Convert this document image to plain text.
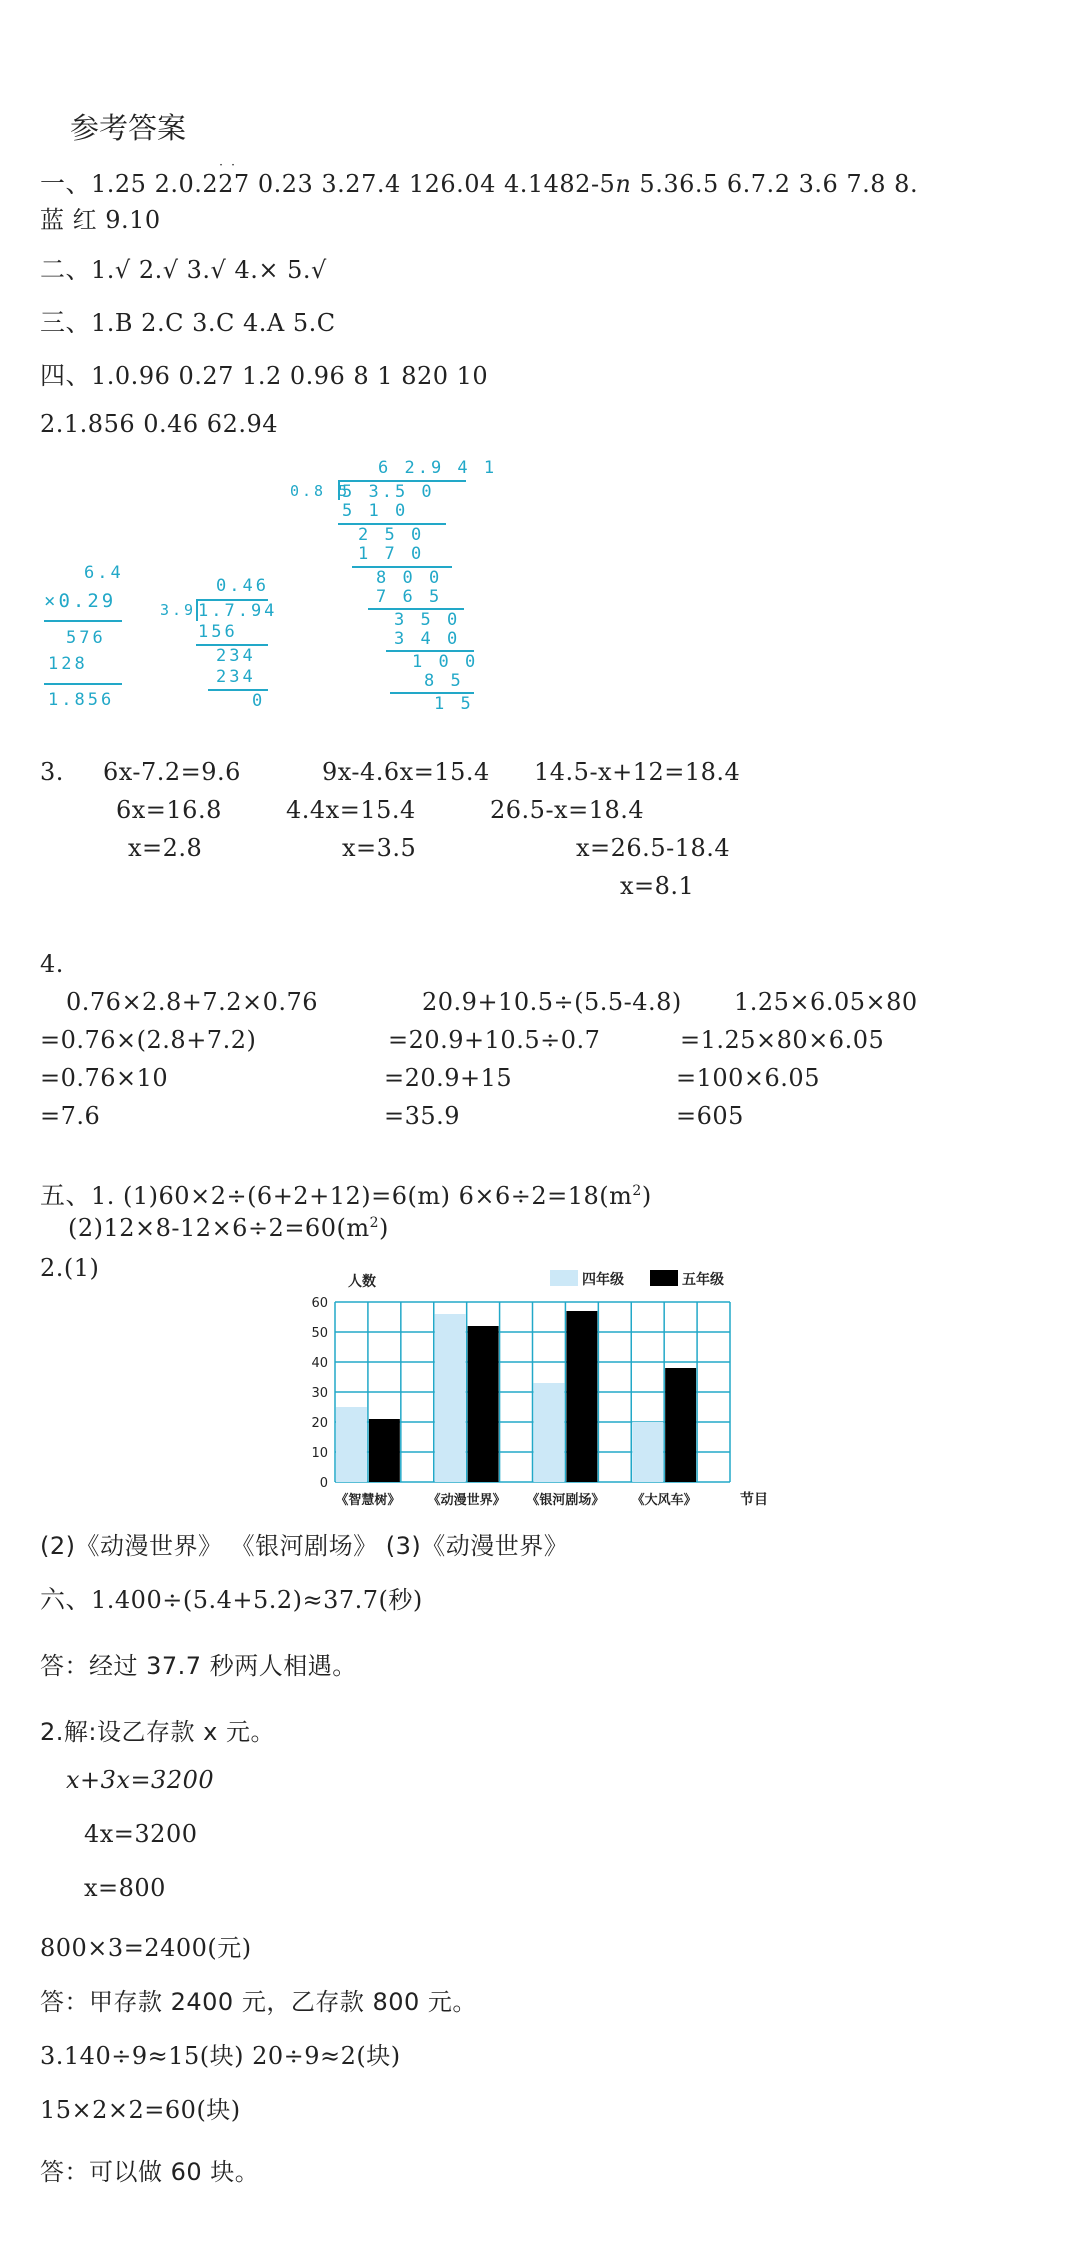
参考答案
一、1.25 2.0.2
· ·
27 0.23 3.27.4 126.04 4.1482-5n 5.36.5 6.7.2 3.6 7.8 8.
蓝 红 9.10
二、1.√ 2.√ 3.√ 4.× 5.√
三、1.B 2.C 3.C 4.A 5.C
四、1.0.96 0.27 1.2 0.96 8 1 820 10
2.1.856 0.46 62.94
6.4
×0.29
576
128
1.856
0.46
3.9 1.7.94
156
234
234
0
6 2.9 4 1
0.8 5
5 3.5 0
5 1 0
2 5 0
1 7 0
8 0 0
7 6 5
3 5 0
3 4 0
1 0 0
8 5
1 5
3. 6x-7.2=9.6
6x=16.8
x=2.8
9x-4.6x=15.4
4.4x=15.4
x=3.5
14.5-x+12=18.4
26.5-x=18.4
x=26.5-18.4
x=8.1
4.
0.76×2.8+7.2×0.76
=0.76×(2.8+7.2)
=0.76×10
=7.6
20.9+10.5÷(5.5-4.8)
=20.9+10.5÷0.7
=20.9+15
=35.9
1.25×6.05×80
=1.25×80×6.05
=100×6.05
=605
五、1. (1)60×2÷(6+2+12)=6(m) $6\times 6\div 2=18(m^2)$
$(2)12\times 8-12\times 6\div 2=60(m^2)$
2.(1)
0
10
20
30
40
50
60
《智慧树》 《动漫世界》 《银河剧场》 《大风车》
人数
节目
四年级	五年级
(2)《动漫世界》 《银河剧场》 (3)《动漫世界》
六、1.400÷(5.4+5.2)≈37.7(秒)
答：经过 37.7 秒两人相遇。
2.解:设乙存款 x 元。
x+3x=3200
4x=3200
x=800
800×3=2400(元)
答：甲存款 2400 元，乙存款 800 元。
3.140÷9≈15(块) 20÷9≈2(块)
15×2×2=60(块)
答：可以做 60 块。
